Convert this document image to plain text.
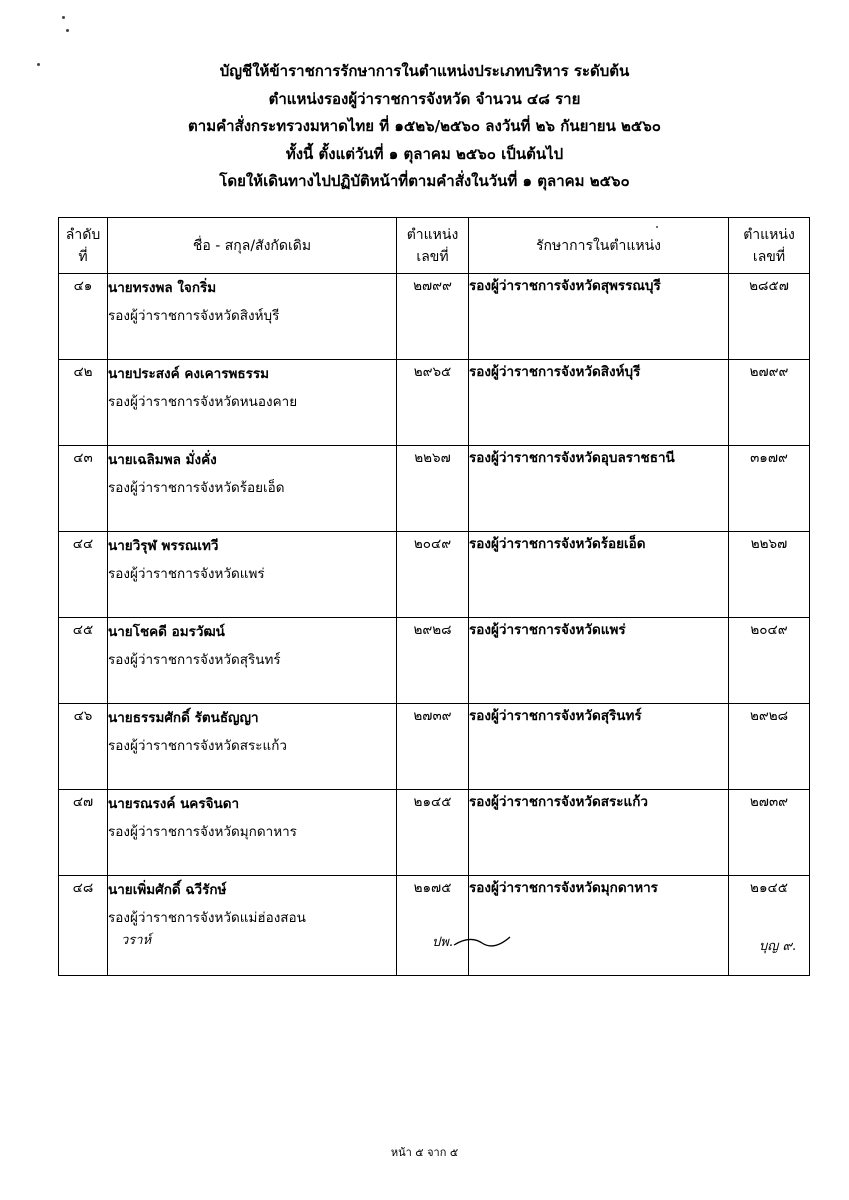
บัญชีให้ข้าราชการรักษาการในตำแหน่งประเภทบริหาร ระดับต้น
ตำแหน่งรองผู้ว่าราชการจังหวัด จำนวน ๔๘ ราย
ตามคำสั่งกระทรวงมหาดไทย ที่ ๑๕๒๖/๒๕๖๐ ลงวันที่ ๒๖ กันยายน ๒๕๖๐
ทั้งนี้ ตั้งแต่วันที่ ๑ ตุลาคม ๒๕๖๐ เป็นต้นไป
โดยให้เดินทางไปปฏิบัติหน้าที่ตามคำสั่งในวันที่ ๑ ตุลาคม ๒๕๖๐
ลำดับ
ที่	ชื่อ - สกุล/สังกัดเดิม	ตำแหน่ง
เลขที่	รักษาการในตำแหน่ง	ตำแหน่ง
เลขที่
๔๑	นายทรงพล ใจกริ่ม
รองผู้ว่าราชการจังหวัดสิงห์บุรี	๒๗๙๙	รองผู้ว่าราชการจังหวัดสุพรรณบุรี	๒๘๕๗
๔๒	นายประสงค์ คงเคารพธรรม
รองผู้ว่าราชการจังหวัดหนองคาย	๒๙๖๕	รองผู้ว่าราชการจังหวัดสิงห์บุรี	๒๗๙๙
๔๓	นายเฉลิมพล มั่งคั่ง
รองผู้ว่าราชการจังหวัดร้อยเอ็ด	๒๒๖๗	รองผู้ว่าราชการจังหวัดอุบลราชธานี	๓๑๗๙
๔๔	นายวิรุฬ พรรณเทวี
รองผู้ว่าราชการจังหวัดแพร่	๒๐๔๙	รองผู้ว่าราชการจังหวัดร้อยเอ็ด	๒๒๖๗
๔๕	นายโชคดี อมรวัฒน์
รองผู้ว่าราชการจังหวัดสุรินทร์	๒๙๒๘	รองผู้ว่าราชการจังหวัดแพร่	๒๐๔๙
๔๖	นายธรรมศักดิ์ รัตนธัญญา
รองผู้ว่าราชการจังหวัดสระแก้ว	๒๗๓๙	รองผู้ว่าราชการจังหวัดสุรินทร์	๒๙๒๘
๔๗	นายรณรงค์ นครจินดา
รองผู้ว่าราชการจังหวัดมุกดาหาร	๒๑๔๕	รองผู้ว่าราชการจังหวัดสระแก้ว	๒๗๓๙
๔๘	นายเพิ่มศักดิ์ ฉวีรักษ์
รองผู้ว่าราชการจังหวัดแม่ฮ่องสอน	๒๑๗๕	รองผู้ว่าราชการจังหวัดมุกดาหาร	๒๑๔๕
วราห์	ปพ.	บุญ ๙.
หน้า ๕ จาก ๕
